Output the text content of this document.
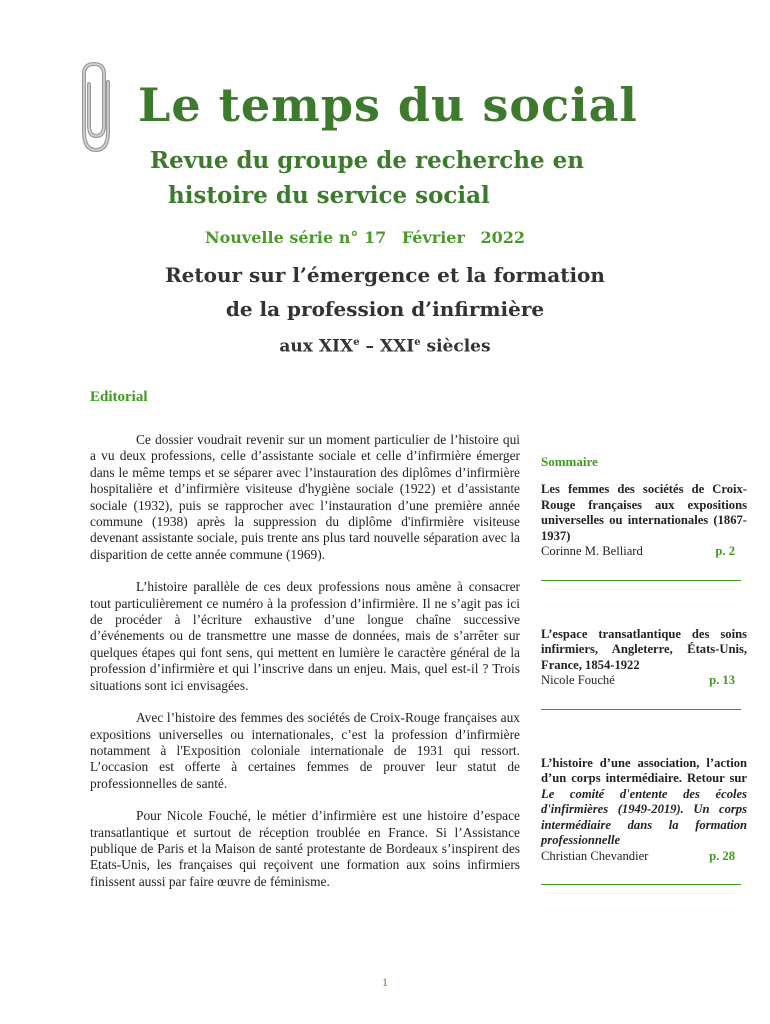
Le temps du social
Revue du groupe de recherche en
histoire du service social
Nouvelle série n° 17 Février 2022
Retour sur l’émergence et la formation
de la profession d’infirmière
aux XIXe – XXIe siècles
Editorial

Ce dossier voudrait revenir sur un moment particulier de l’histoire qui a vu deux professions, celle d’assistante sociale et celle d’infirmière émerger dans le même temps et se séparer avec l’instauration des diplômes d’infirmière hospitalière et d’infirmière visiteuse d'hygiène sociale (1922) et d’assistante sociale (1932), puis se rapprocher avec l’instauration d’une première année commune (1938) après la suppression du diplôme d'infirmière visiteuse devenant assistante sociale, puis trente ans plus tard nouvelle séparation avec la disparition de cette année commune (1969).

L’histoire parallèle de ces deux professions nous amène à consacrer tout particulièrement ce numéro à la profession d’infirmière. Il ne s’agit pas ici de procéder à l’écriture exhaustive d’une longue chaîne successive d’événements ou de transmettre une masse de données, mais de s’arrêter sur quelques étapes qui font sens, qui mettent en lumière le caractère général de la profession d’infirmière et qui l’inscrive dans un enjeu. Mais, quel est-il ? Trois situations sont ici envisagées.

Avec l’histoire des femmes des sociétés de Croix-Rouge françaises aux expositions universelles ou internationales, c’est la profession d’infirmière notamment à l'Exposition coloniale internationale de 1931 qui ressort. L’occasion est offerte à certaines femmes de prouver leur statut de professionnelles de santé.

Pour Nicole Fouché, le métier d’infirmière est une histoire d’espace transatlantique et surtout de réception troublée en France. Si l’Assistance publique de Paris et la Maison de santé protestante de Bordeaux s’inspirent des Etats-Unis, les françaises qui reçoivent une formation aux soins infirmiers finissent aussi par faire œuvre de féminisme.

Sommaire
Les femmes des sociétés de Croix-Rouge françaises aux expositions universelles ou internationales (1867-1937)
Corinne M. Belliard	p. 2
L’espace transatlantique des soins infirmiers, Angleterre, États-Unis, France, 1854-1922
Nicole Fouché	p. 13
L’histoire d’une association, l’action d’un corps intermédiaire. Retour sur Le comité d'entente des écoles d'infirmières (1949-2019). Un corps intermédiaire dans la formation professionnelle
Christian Chevandier	p. 28
1
